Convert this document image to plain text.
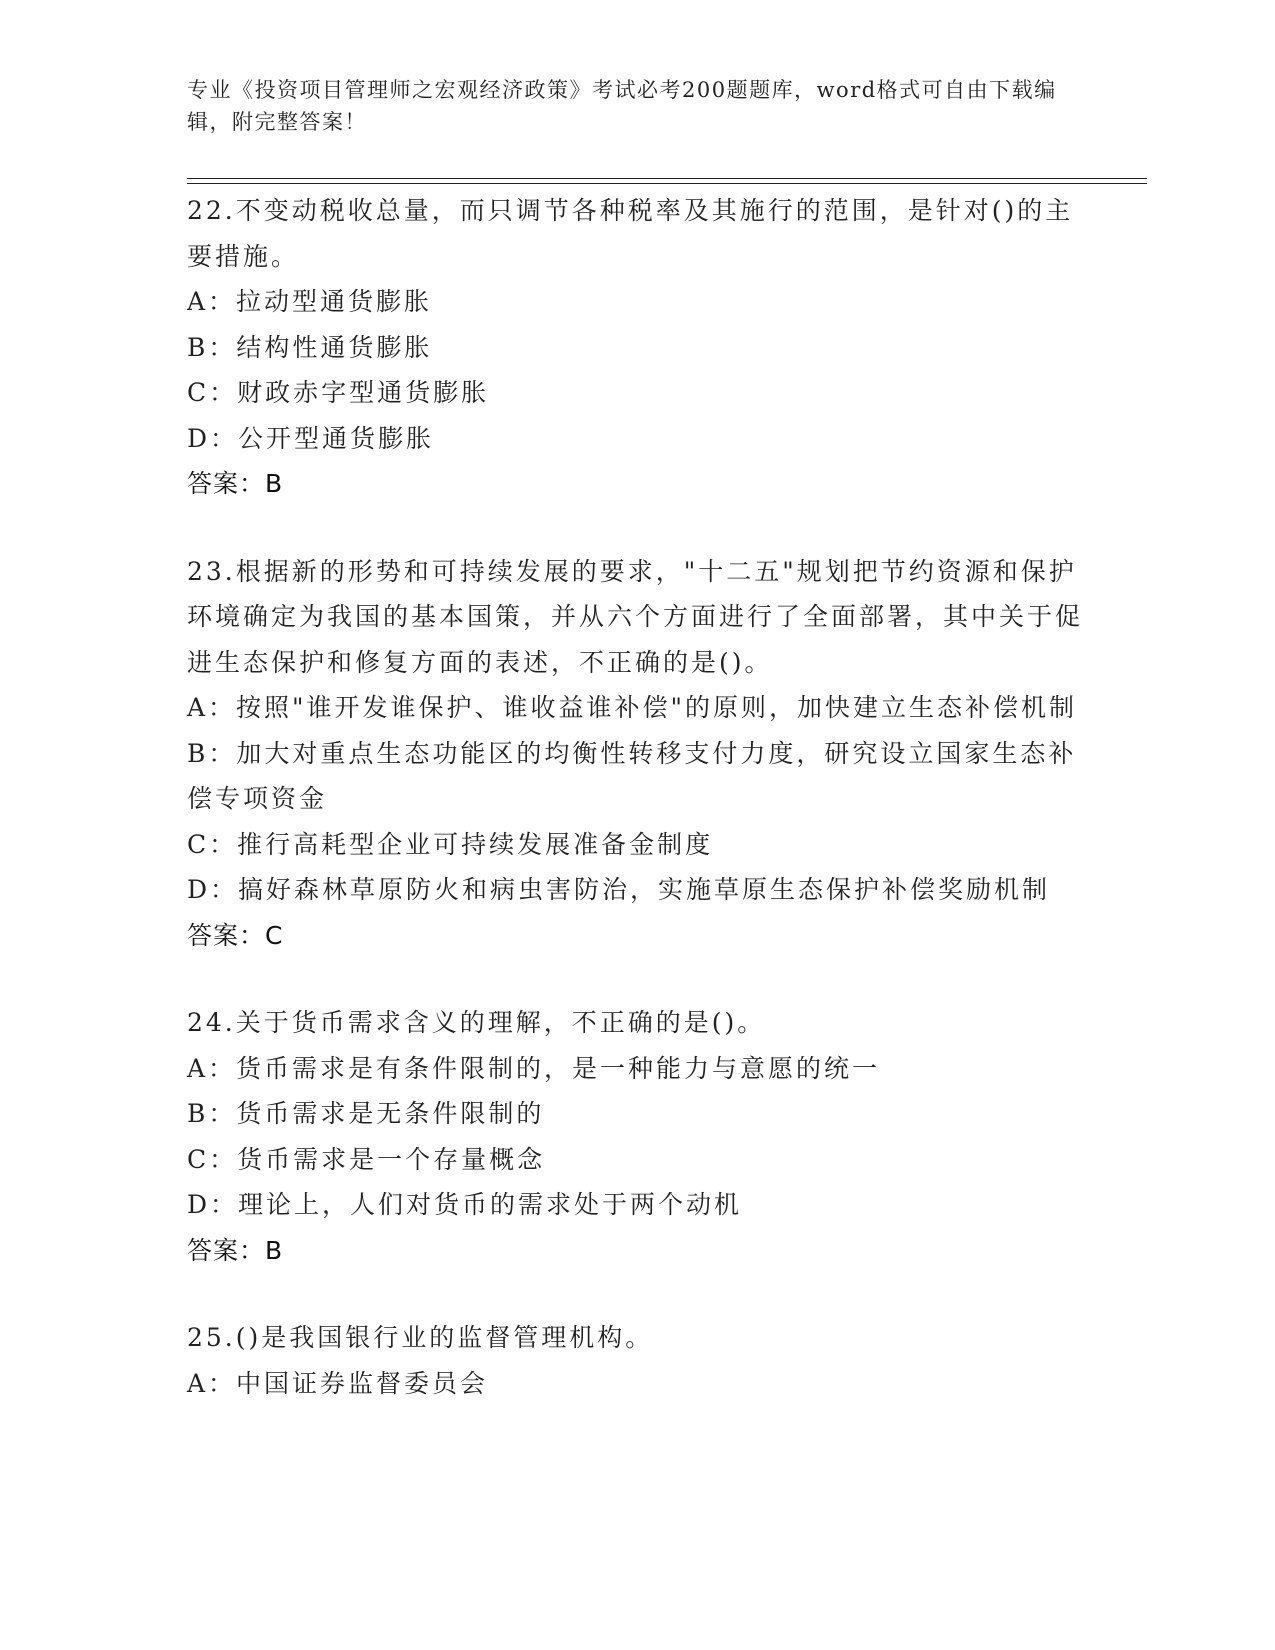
专业《投资项目管理师之宏观经济政策》考试必考200题题库，word格式可自由下载编辑，附完整答案！
22.不变动税收总量，而只调节各种税率及其施行的范围，是针对()的主要措施。
A：拉动型通货膨胀
B：结构性通货膨胀
C：财政赤字型通货膨胀
D：公开型通货膨胀
答案：B
23.根据新的形势和可持续发展的要求，"十二五"规划把节约资源和保护环境确定为我国的基本国策，并从六个方面进行了全面部署，其中关于促进生态保护和修复方面的表述，不正确的是()。
A：按照"谁开发谁保护、谁收益谁补偿"的原则，加快建立生态补偿机制
B：加大对重点生态功能区的均衡性转移支付力度，研究设立国家生态补偿专项资金
C：推行高耗型企业可持续发展准备金制度
D：搞好森林草原防火和病虫害防治，实施草原生态保护补偿奖励机制
答案：C
24.关于货币需求含义的理解，不正确的是()。
A：货币需求是有条件限制的，是一种能力与意愿的统一
B：货币需求是无条件限制的
C：货币需求是一个存量概念
D：理论上，人们对货币的需求处于两个动机
答案：B
25.()是我国银行业的监督管理机构。
A：中国证券监督委员会
